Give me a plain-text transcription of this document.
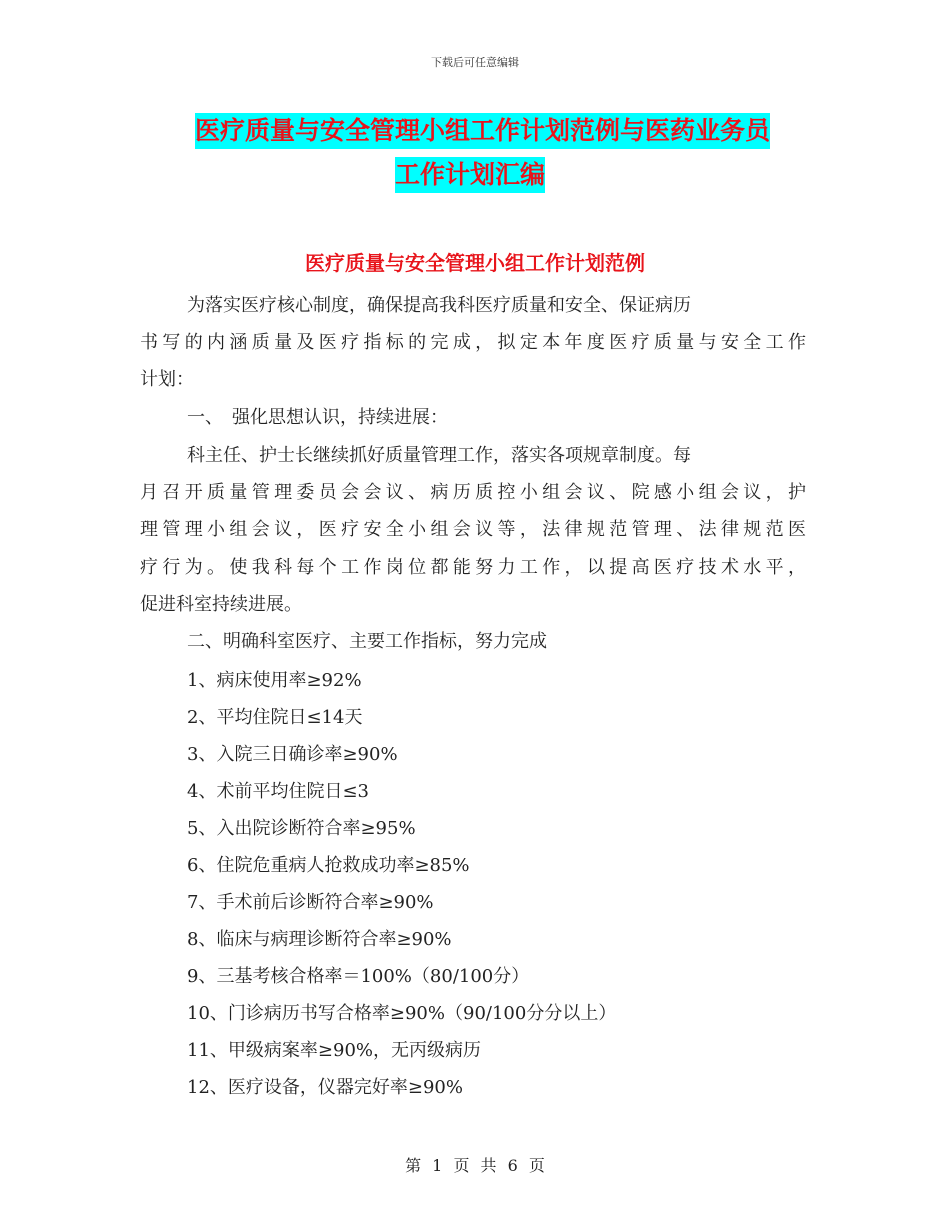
下载后可任意编辑
医疗质量与安全管理小组工作计划范例与医药业务员
工作计划汇编
医疗质量与安全管理小组工作计划范例
为落实医疗核心制度，确保提高我科医疗质量和安全、保证病历
书写的内涵质量及医疗指标的完成，拟定本年度医疗质量与安全工作
计划：
一、　强化思想认识，持续进展：
科主任、护士长继续抓好质量管理工作，落实各项规章制度。每
月召开质量管理委员会会议、病历质控小组会议、院感小组会议，护
理管理小组会议，医疗安全小组会议等，法律规范管理、法律规范医
疗行为。使我科每个工作岗位都能努力工作，以提高医疗技术水平，
促进科室持续进展。
二、明确科室医疗、主要工作指标，努力完成
1、病床使用率≥92%
2、平均住院日≤14天
3、入院三日确诊率≥90%
4、术前平均住院日≤3
5、入出院诊断符合率≥95%
6、住院危重病人抢救成功率≥85%
7、手术前后诊断符合率≥90%
8、临床与病理诊断符合率≥90%
9、三基考核合格率＝100%（80/100分）
10、门诊病历书写合格率≥90%（90/100分分以上）
11、甲级病案率≥90%，无丙级病历
12、医疗设备，仪器完好率≥90%
第 1 页 共 6 页
